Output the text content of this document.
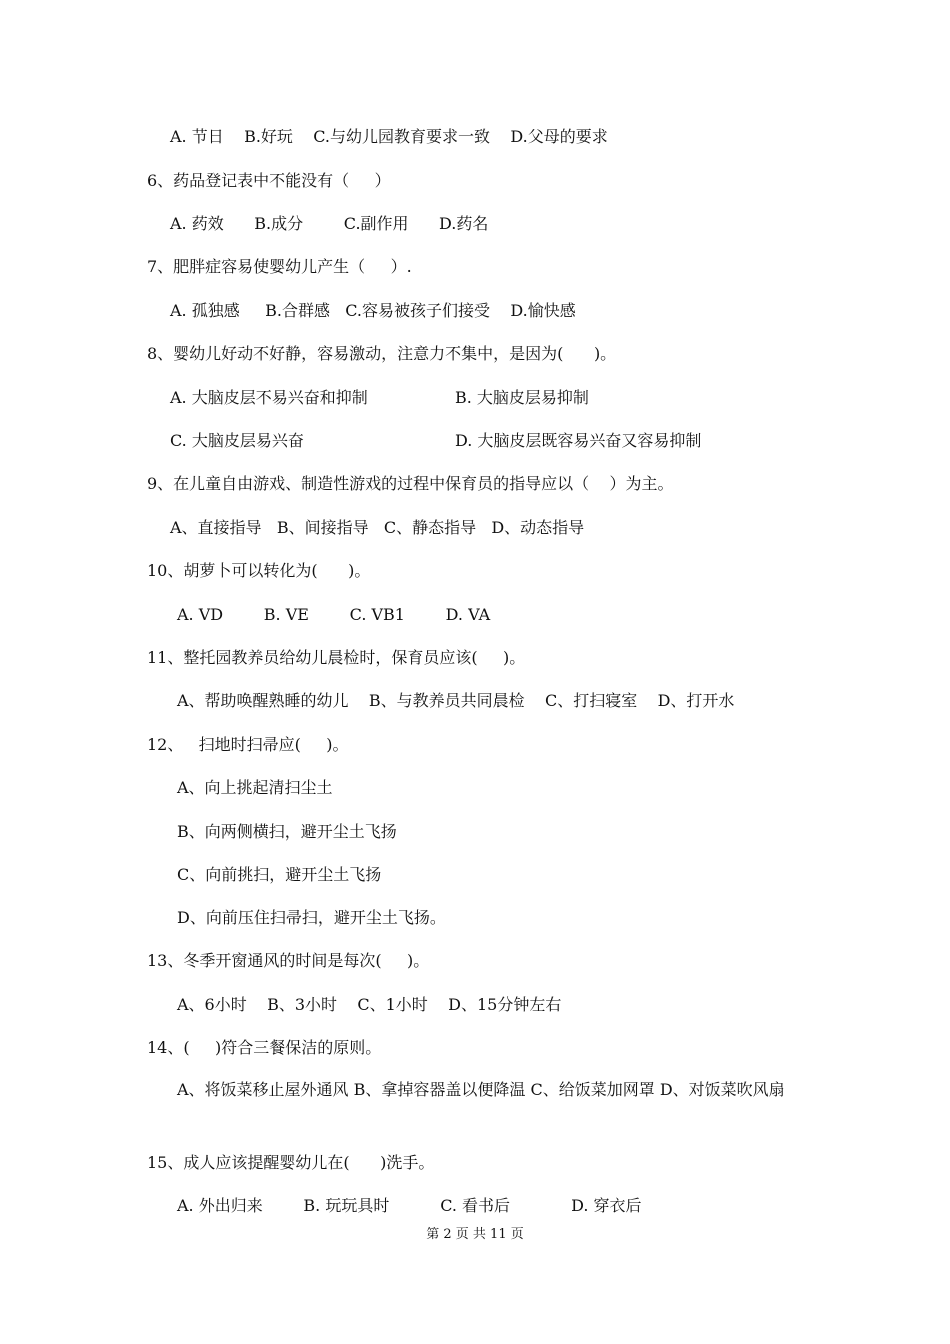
A. 节日    B.好玩    C.与幼儿园教育要求一致    D.父母的要求
6、药品登记表中不能没有（     ）
A. 药效      B.成分        C.副作用      D.药名
7、肥胖症容易使婴幼儿产生（     ）.
A. 孤独感     B.合群感   C.容易被孩子们接受    D.愉快感
8、婴幼儿好动不好静，容易激动，注意力不集中，是因为(      )。
A. 大脑皮层不易兴奋和抑制	B. 大脑皮层易抑制
C. 大脑皮层易兴奋	D. 大脑皮层既容易兴奋又容易抑制
9、在儿童自由游戏、制造性游戏的过程中保育员的指导应以（    ）为主。
A、直接指导   B、间接指导   C、静态指导   D、动态指导
10、胡萝卜可以转化为(      )。
A. VD        B. VE        C. VB1        D. VA
11、整托园教养员给幼儿晨检时，保育员应该(     )。
A、帮助唤醒熟睡的幼儿    B、与教养员共同晨检    C、打扫寝室    D、打开水
12、   扫地时扫帚应(     )。
A、向上挑起清扫尘土
B、向两侧横扫，避开尘土飞扬
C、向前挑扫，避开尘土飞扬
D、向前压住扫帚扫，避开尘土飞扬。
13、冬季开窗通风的时间是每次(     )。
A、6小时    B、3小时    C、1小时    D、15分钟左右
14、(     )符合三餐保洁的原则。
A、将饭菜移止屋外通风 B、拿掉容器盖以便降温 C、给饭菜加网罩 D、对饭菜吹风扇
15、成人应该提醒婴幼儿在(      )洗手。
A. 外出归来        B. 玩玩具时          C. 看书后            D. 穿衣后
第 2 页 共 11 页
